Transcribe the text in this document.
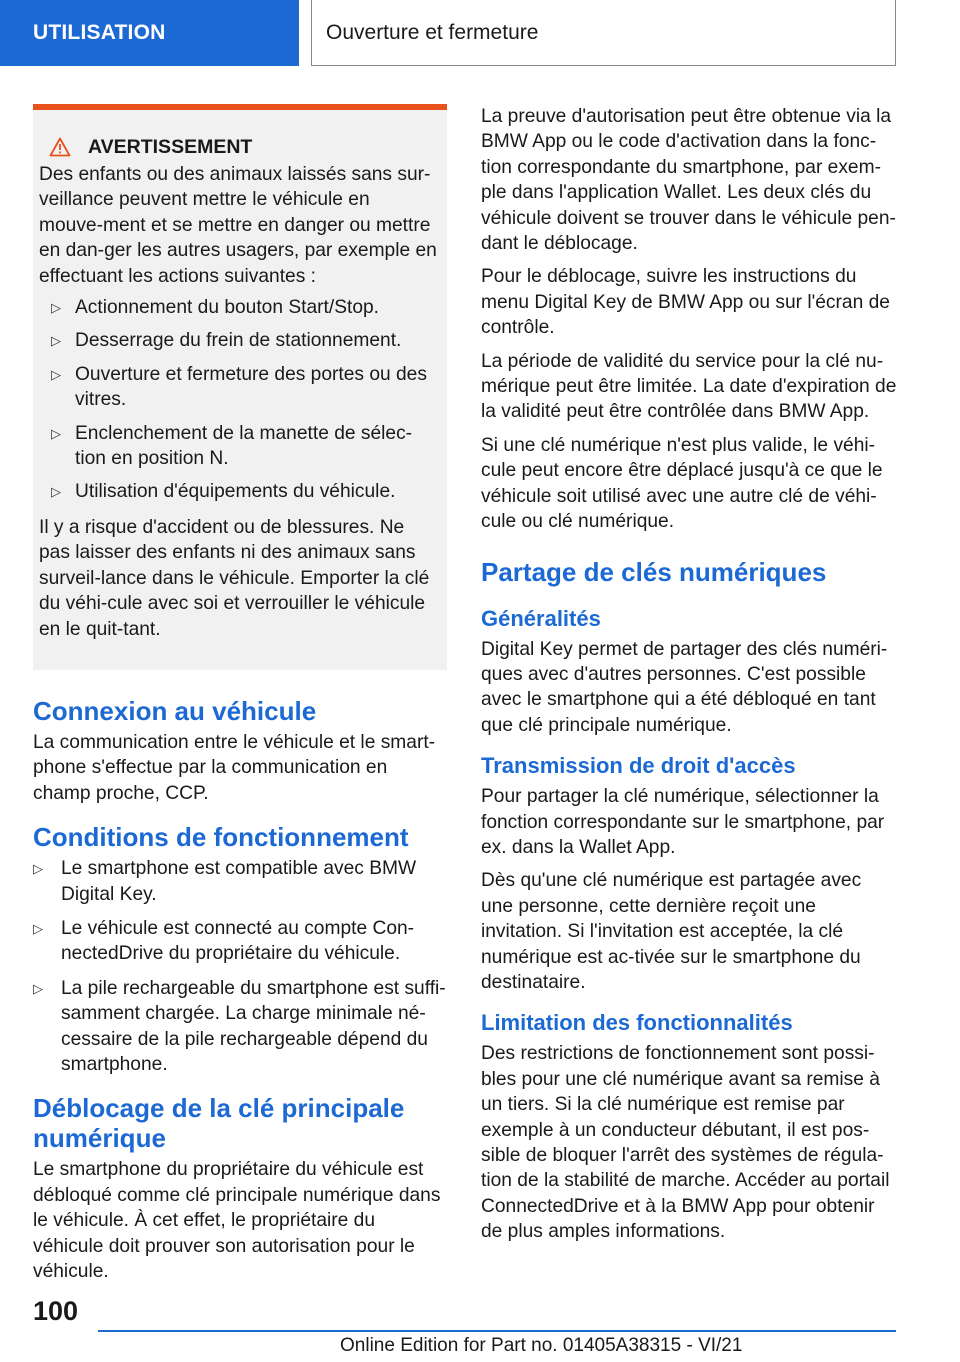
UTILISATION	Ouverture et fermeture
AVERTISSEMENT

Des enfants ou des animaux laissés sans sur-veillance peuvent mettre le véhicule en mouve-ment et se mettre en danger ou mettre en dan-ger les autres usagers, par exemple en effectuant les actions suivantes :

▷ Actionnement du bouton Start/Stop.
▷ Desserrage du frein de stationnement.
▷ Ouverture et fermeture des portes ou des vitres.
▷ Enclenchement de la manette de sélec-tion en position N.
▷ Utilisation d'équipements du véhicule.

Il y a risque d'accident ou de blessures. Ne pas laisser des enfants ni des animaux sans surveil-lance dans le véhicule. Emporter la clé du véhi-cule avec soi et verrouiller le véhicule en le quit-tant.

Connexion au véhicule

La communication entre le véhicule et le smart-phone s'effectue par la communication en champ proche, CCP.

Conditions de fonctionnement
▷ Le smartphone est compatible avec BMW Digital Key.
▷ Le véhicule est connecté au compte Con-nectedDrive du propriétaire du véhicule.
▷ La pile rechargeable du smartphone est suffi-samment chargée. La charge minimale né-cessaire de la pile rechargeable dépend du smartphone.
Déblocage de la clé principale numérique

Le smartphone du propriétaire du véhicule est débloqué comme clé principale numérique dans le véhicule. À cet effet, le propriétaire du véhicule doit prouver son autorisation pour le véhicule.

La preuve d'autorisation peut être obtenue via la BMW App ou le code d'activation dans la fonc-tion correspondante du smartphone, par exem-ple dans l'application Wallet. Les deux clés du véhicule doivent se trouver dans le véhicule pen-dant le déblocage.

Pour le déblocage, suivre les instructions du menu Digital Key de BMW App ou sur l'écran de contrôle.

La période de validité du service pour la clé nu-mérique peut être limitée. La date d'expiration de la validité peut être contrôlée dans BMW App.

Si une clé numérique n'est plus valide, le véhi-cule peut encore être déplacé jusqu'à ce que le véhicule soit utilisé avec une autre clé de véhi-cule ou clé numérique.

Partage de clés numériques
Généralités

Digital Key permet de partager des clés numéri-ques avec d'autres personnes. C'est possible avec le smartphone qui a été débloqué en tant que clé principale numérique.

Transmission de droit d'accès

Pour partager la clé numérique, sélectionner la fonction correspondante sur le smartphone, par ex. dans la Wallet App.

Dès qu'une clé numérique est partagée avec une personne, cette dernière reçoit une invitation. Si l'invitation est acceptée, la clé numérique est ac-tivée sur le smartphone du destinataire.

Limitation des fonctionnalités

Des restrictions de fonctionnement sont possi-bles pour une clé numérique avant sa remise à un tiers. Si la clé numérique est remise par exemple à un conducteur débutant, il est pos-sible de bloquer l'arrêt des systèmes de régula-tion de la stabilité de marche. Accéder au portail ConnectedDrive et à la BMW App pour obtenir de plus amples informations.

100
Online Edition for Part no. 01405A38315 - VI/21
